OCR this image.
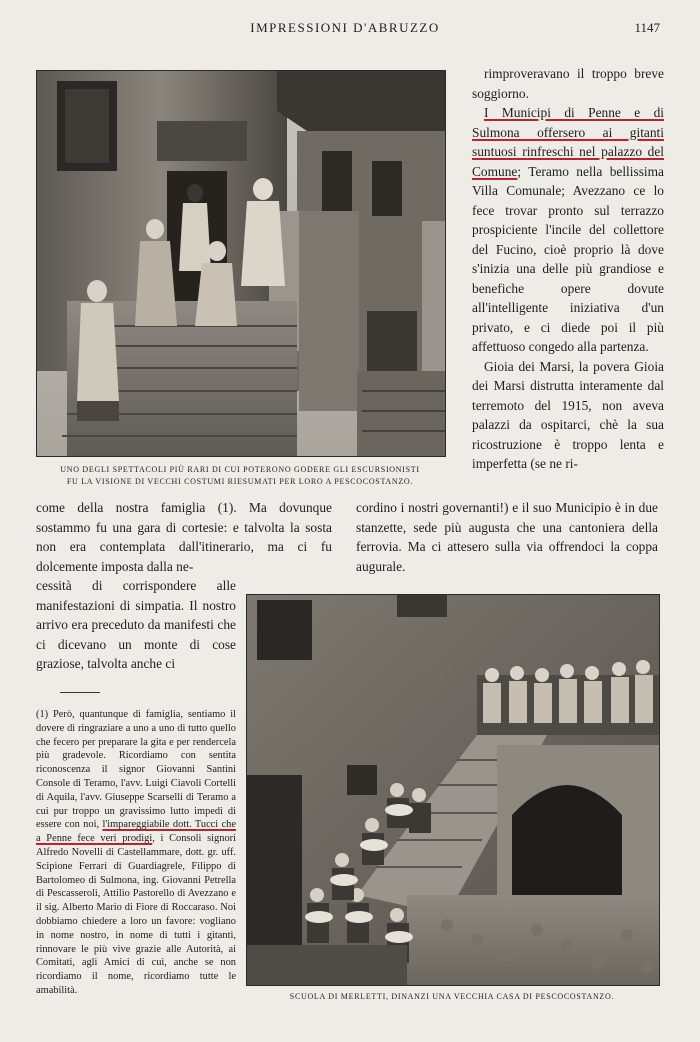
IMPRESSIONI D'ABRUZZO	1147
UNO DEGLI SPETTACOLI PIÙ RARI DI CUI POTERONO GODERE GLI ESCURSIONISTI
FU LA VISIONE DI VECCHI COSTUMI RIESUMATI PER LORO A PESCOCOSTANZO.

rimproveravano il troppo breve soggiorno.

I Municipi di Penne e di Sulmona offersero ai gitanti suntuosi rinfreschi nel palazzo del Comune; Teramo nella bellissima Villa Comunale; Avezzano ce lo fece trovar pronto sul terrazzo prospiciente l'incile del collettore del Fucino, cioè proprio là dove s'inizia una delle più grandiose e benefiche opere dovute all'intelligente iniziativa d'un privato, e ci diede poi il più affettuoso congedo alla partenza.

Gioia dei Marsi, la povera Gioia dei Marsi distrutta interamente dal terremoto del 1915, non aveva palazzi da ospitarci, chè la sua ricostruzione è troppo lenta e imperfetta (se ne ri-

come della nostra famiglia (1). Ma dovunque sostammo fu una gara di cortesie: e talvolta la sosta non era contemplata dall'itinerario, ma ci fu dolcemente imposta dalla ne-

cordino i nostri governanti!) e il suo Municipio è in due stanzette, sede più augusta che una cantoniera della ferrovia. Ma ci attesero sulla via offrendoci la coppa augurale.

cessità di corrispondere alle manifestazioni di simpatia. Il nostro arrivo era preceduto da manifesti che ci dicevano un monte di cose graziose, talvolta anche ci

(1) Però, quantunque di famiglia, sentiamo il dovere di ringraziare a uno a uno di tutto quello che fecero per preparare la gita e per rendercela più gradevole. Ricordiamo con sentita riconoscenza il signor Giovanni Santini Console di Teramo, l'avv. Luigi Ciavoli Cortelli di Aquila, l'avv. Giuseppe Scarselli di Teramo a cui pur troppo un gravissimo lutto impedì di essere con noi, l'impareggiabile dott. Tucci che a Penne fece veri prodigi, i Consoli signori Alfredo Novelli di Castellammare, dott. gr. uff. Scipione Ferrari di Guardiagrele, Filippo di Bartolomeo di Sulmona, ing. Giovanni Petrella di Pescasseroli, Attilio Pastorello di Avezzano e il sig. Alberto Mario di Fiore di Roccaraso. Noi dobbiamo chiedere a loro un favore: vogliano in nome nostro, in nome di tutti i gitanti, rinnovare le più vive grazie alle Autorità, ai Comitati, agli Amici di cui, anche se non ricordiamo il nome, ricordiamo tutte le amabilità.

SCUOLA DI MERLETTI, DINANZI UNA VECCHIA CASA DI PESCOCOSTANZO.
